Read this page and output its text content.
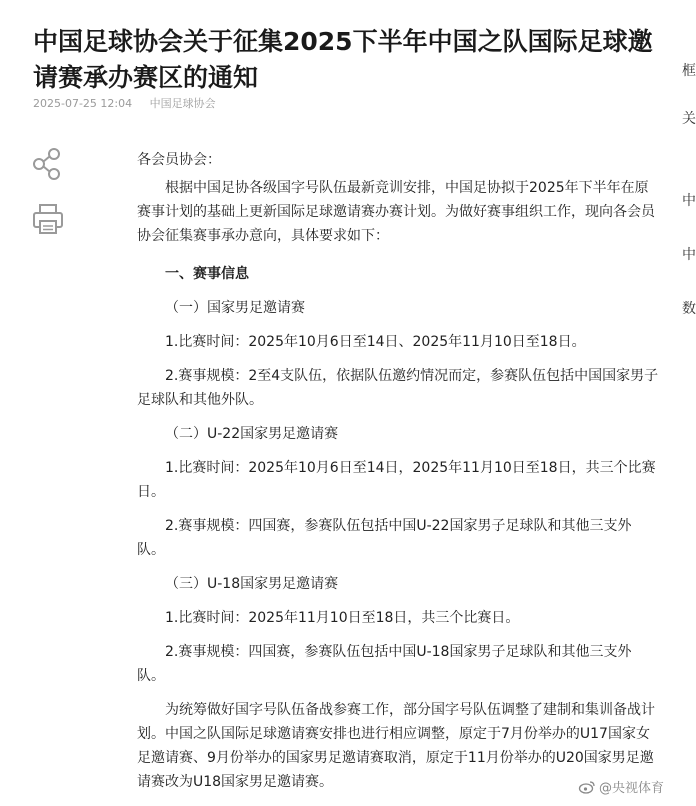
中国足球协会关于征集2025下半年中国之队国际足球邀请赛承办赛区的通知
2025-07-25 12:04 中国足球协会

各会员协会：

根据中国足协各级国字号队伍最新竞训安排，中国足协拟于2025年下半年在原赛事计划的基础上更新国际足球邀请赛办赛计划。为做好赛事组织工作，现向各会员协会征集赛事承办意向，具体要求如下：

一、赛事信息

（一）国家男足邀请赛

1.比赛时间：2025年10月6日至14日、2025年11月10日至18日。

2.赛事规模：2至4支队伍，依据队伍邀约情况而定，参赛队伍包括中国国家男子
足球队和其他外队。

（二）U-22国家男足邀请赛

1.比赛时间：2025年10月6日至14日，2025年11月10日至18日，共三个比赛
日。

2.赛事规模：四国赛，参赛队伍包括中国U-22国家男子足球队和其他三支外
队。

（三）U-18国家男足邀请赛

1.比赛时间：2025年11月10日至18日，共三个比赛日。

2.赛事规模：四国赛，参赛队伍包括中国U-18国家男子足球队和其他三支外
队。

为统筹做好国字号队伍备战参赛工作，部分国字号队伍调整了建制和集训备战计划。中国之队国际足球邀请赛安排也进行相应调整，原定于7月份举办的U17国家女足邀请赛、9月份举办的国家男足邀请赛取消，原定于11月份举办的U20国家男足邀请赛改为U18国家男足邀请赛。

框
关
中
中
数
@央视体育
